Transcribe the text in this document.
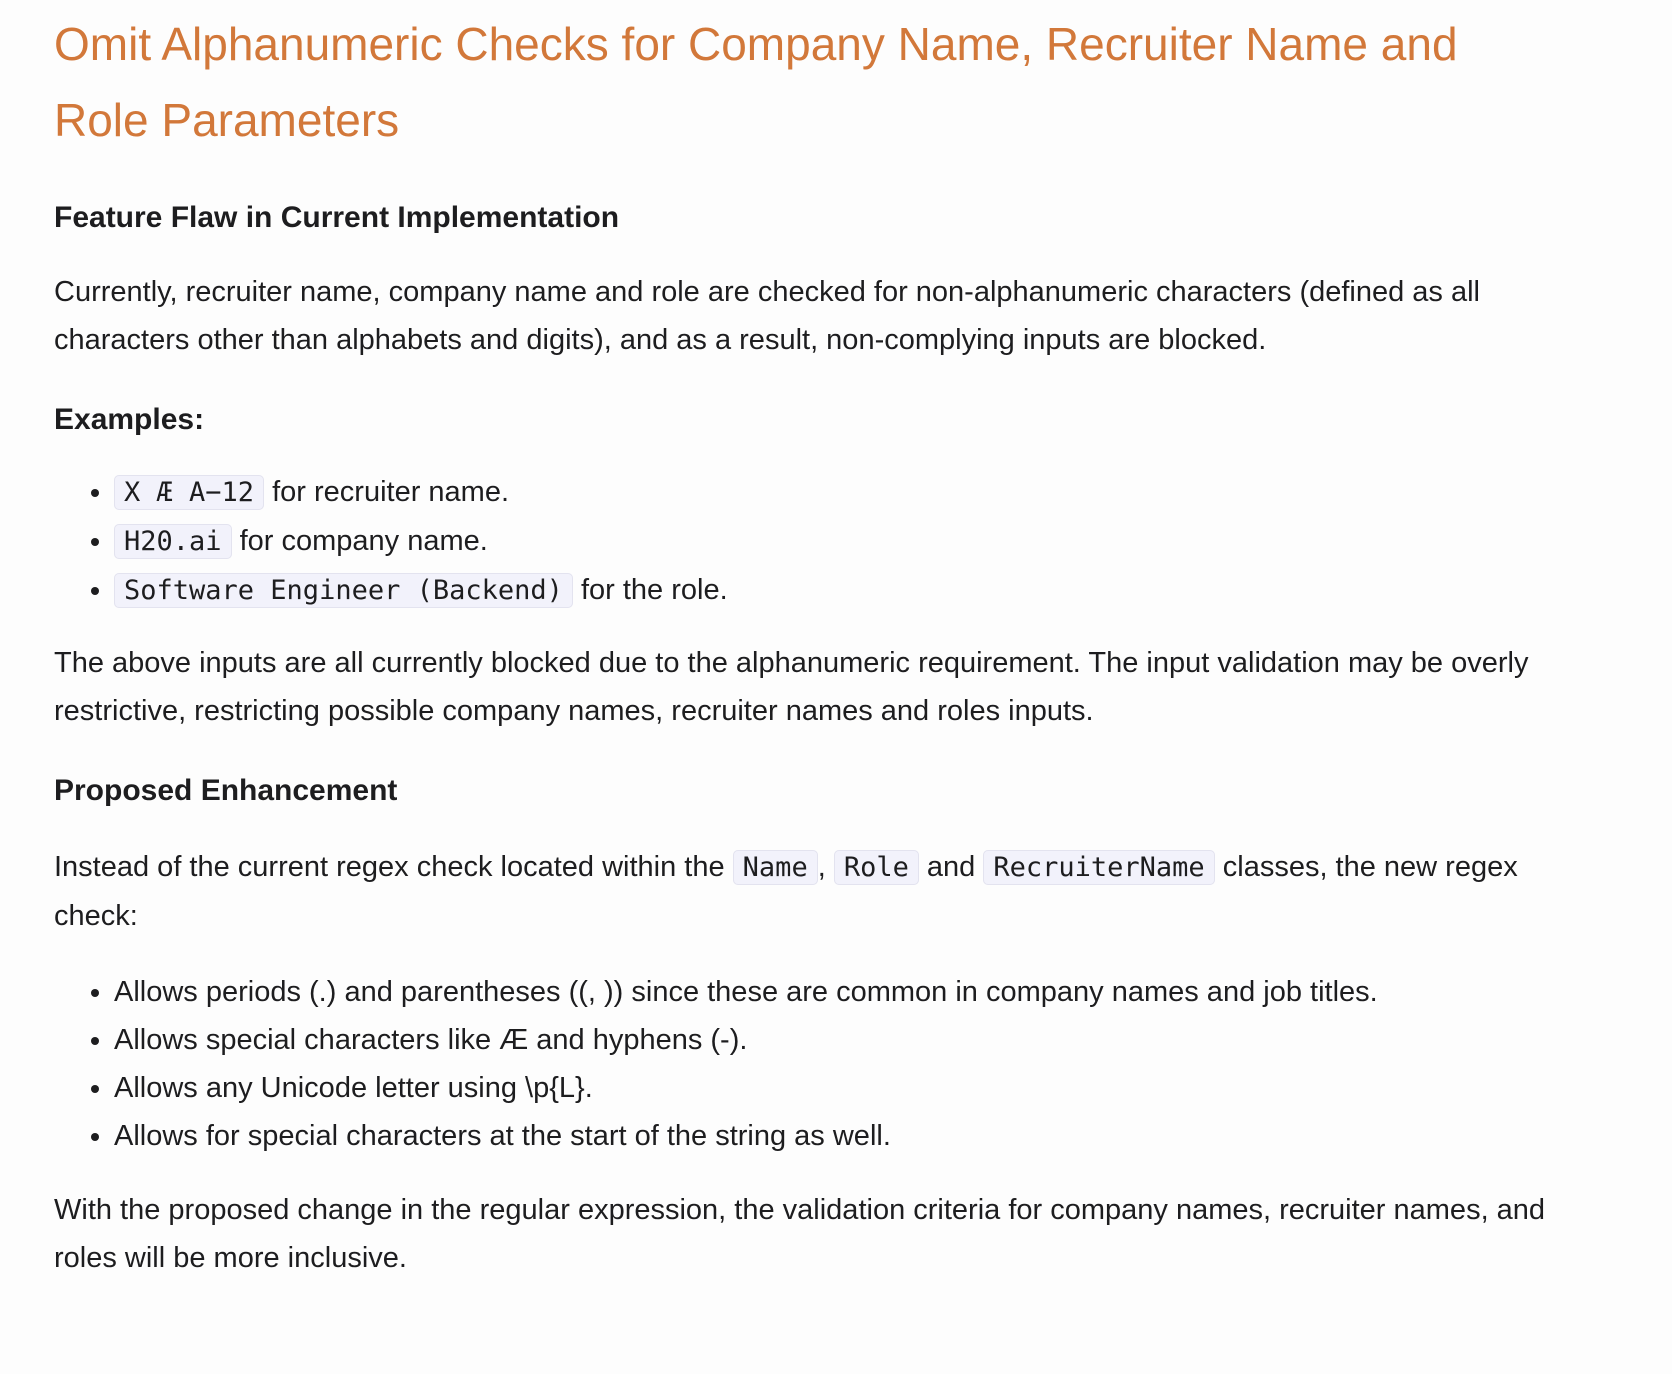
Omit Alphanumeric Checks for Company Name, Recruiter Name and Role Parameters
Feature Flaw in Current Implementation

Currently, recruiter name, company name and role are checked for non-alphanumeric characters (defined as all characters other than alphabets and digits), and as a result, non-complying inputs are blocked.

Examples:
• X Æ A−12 for recruiter name.
• H20.ai for company name.
• Software Engineer (Backend) for the role.

The above inputs are all currently blocked due to the alphanumeric requirement. The input validation may be overly restrictive, restricting possible company names, recruiter names and roles inputs.

Proposed Enhancement

Instead of the current regex check located within the Name , Role and RecruiterName classes, the new regex check:

• Allows periods (.) and parentheses ((, )) since these are common in company names and job titles.
• Allows special characters like Æ and hyphens (-).
• Allows any Unicode letter using \p{L}.
• Allows for special characters at the start of the string as well.

With the proposed change in the regular expression, the validation criteria for company names, recruiter names, and roles will be more inclusive.
